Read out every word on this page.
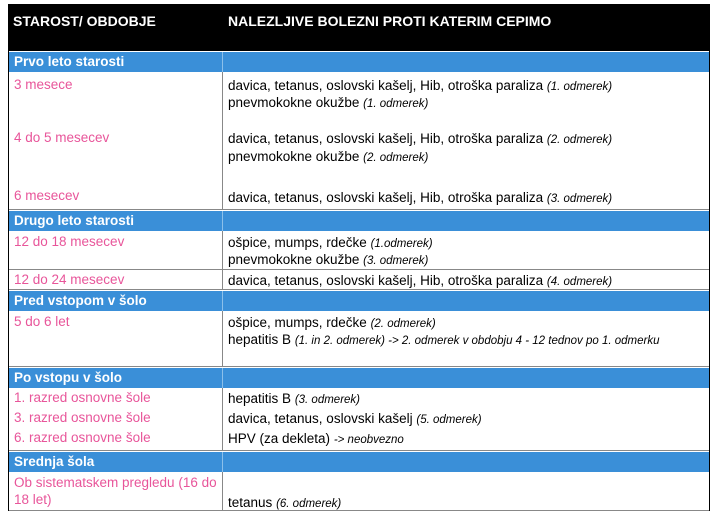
STAROST/ OBDOBJE	NALEZLJIVE BOLEZNI PROTI KATERIM CEPIMO
Prvo leto starosti
3 mesece	davica, tetanus, oslovski kašelj, Hib, otroška paraliza (1. odmerek)
pnevmokokne okužbe (1. odmerek)
4 do 5 mesecev	davica, tetanus, oslovski kašelj, Hib, otroška paraliza (2. odmerek)
pnevmokokne okužbe (2. odmerek)
6 mesecev	davica, tetanus, oslovski kašelj, Hib, otroška paraliza (3. odmerek)
Drugo leto starosti
12 do 18 mesecev	ošpice, mumps, rdečke (1.odmerek)
pnevmokokne okužbe (3. odmerek)
12 do 24 mesecev	davica, tetanus, oslovski kašelj, Hib, otroška paraliza (4. odmerek)
Pred vstopom v šolo
5 do 6 let	ošpice, mumps, rdečke (2. odmerek)
hepatitis B (1. in 2. odmerek) -> 2. odmerek v obdobju 4 - 12 tednov po 1. odmerku
Po vstopu v šolo
1. razred osnovne šole	hepatitis B (3. odmerek)
3. razred osnovne šole	davica, tetanus, oslovski kašelj (5. odmerek)
6. razred osnovne šole	HPV (za dekleta) -> neobvezno
Srednja šola
Ob sistematskem pregledu (16 do 18 let)	tetanus (6. odmerek)
